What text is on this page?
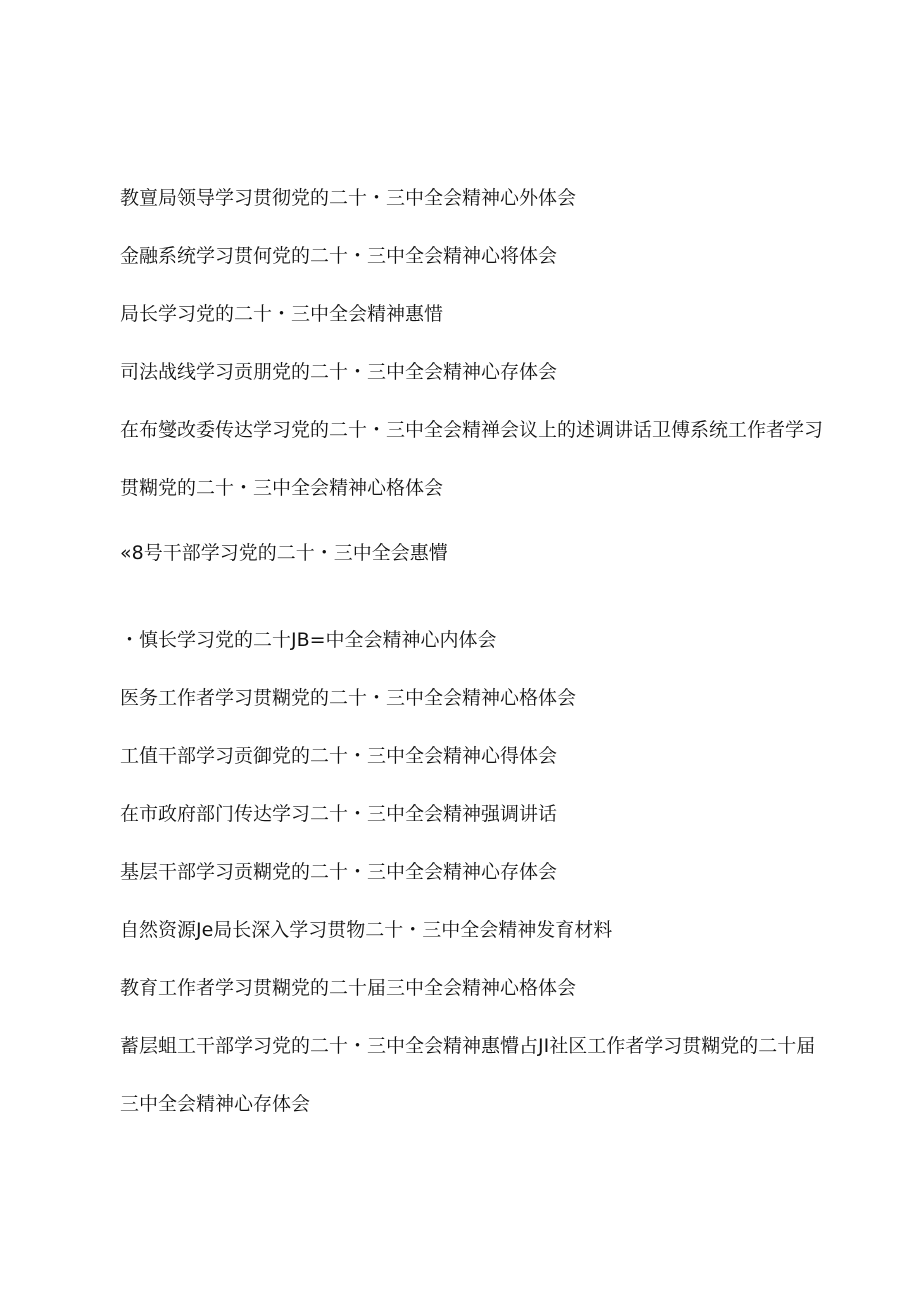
教亶局领导学习贯彻党的二十・三中全会精神心外体会
金融系统学习贯何党的二十・三中全会精神心将体会
局长学习党的二十・三中全会精神惠惜
司法战线学习贡朋党的二十・三中全会精神心存体会
在布燮改委传达学习党的二十・三中全会精禅会议上的述调讲话卫傅系统工作者学习
贯糊党的二十・三中全会精神心格体会
«8号干部学习党的二十・三中全会惠懵
・慎长学习党的二十JB=中全会精神心内体会
医务工作者学习贯糊党的二十・三中全会精神心格体会
工值干部学习贡御党的二十・三中全会精神心得体会
在市政府部门传达学习二十・三中全会精神强调讲话
基层干部学习贡糊党的二十・三中全会精神心存体会
自然资源Je局长深入学习贯物二十・三中全会精神发育材料
教育工作者学习贯糊党的二十届三中全会精神心格体会
蓄层蛆工干部学习党的二十・三中全会精神惠懵占JI社区工作者学习贯糊党的二十届
三中全会精神心存体会
